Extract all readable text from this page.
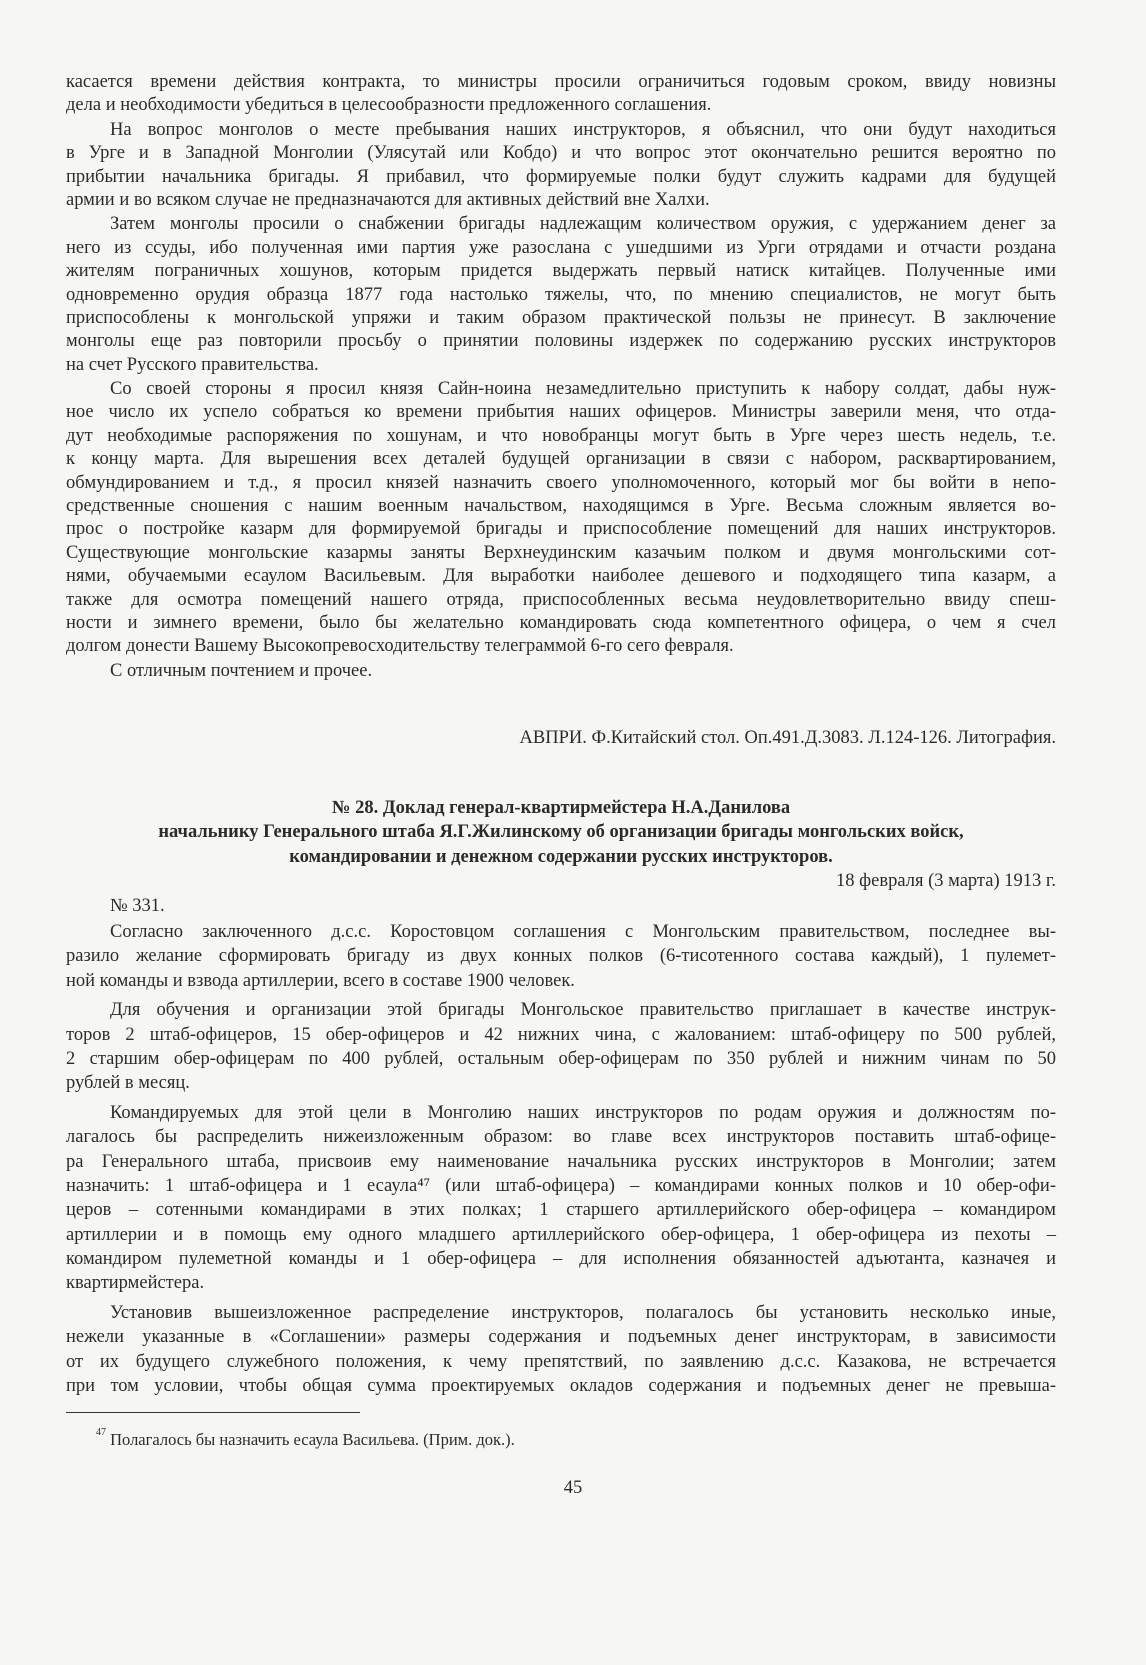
касается времени действия контракта, то министры просили ограничиться годовым сроком, ввиду новизны
дела и необходимости убедиться в целесообразности предложенного соглашения.
На вопрос монголов о месте пребывания наших инструкторов, я объяснил, что они будут находиться
в Урге и в Западной Монголии (Улясутай или Кобдо) и что вопрос этот окончательно решится вероятно по
прибытии начальника бригады. Я прибавил, что формируемые полки будут служить кадрами для будущей
армии и во всяком случае не предназначаются для активных действий вне Халхи.
Затем монголы просили о снабжении бригады надлежащим количеством оружия, с удержанием денег за
него из ссуды, ибо полученная ими партия уже разослана с ушедшими из Урги отрядами и отчасти роздана
жителям пограничных хошунов, которым придется выдержать первый натиск китайцев. Полученные ими
одновременно орудия образца 1877 года настолько тяжелы, что, по мнению специалистов, не могут быть
приспособлены к монгольской упряжи и таким образом практической пользы не принесут. В заключение
монголы еще раз повторили просьбу о принятии половины издержек по содержанию русских инструкторов
на счет Русского правительства.
Со своей стороны я просил князя Сайн-ноина незамедлительно приступить к набору солдат, дабы нуж-
ное число их успело собраться ко времени прибытия наших офицеров. Министры заверили меня, что отда-
дут необходимые распоряжения по хошунам, и что новобранцы могут быть в Урге через шесть недель, т.е.
к концу марта. Для вырешения всех деталей будущей организации в связи с набором, расквартированием,
обмундированием и т.д., я просил князей назначить своего уполномоченного, который мог бы войти в непо-
средственные сношения с нашим военным начальством, находящимся в Урге. Весьма сложным является во-
прос о постройке казарм для формируемой бригады и приспособление помещений для наших инструкторов.
Существующие монгольские казармы заняты Верхнеудинским казачьим полком и двумя монгольскими сот-
нями, обучаемыми есаулом Васильевым. Для выработки наиболее дешевого и подходящего типа казарм, а
также для осмотра помещений нашего отряда, приспособленных весьма неудовлетворительно ввиду спеш-
ности и зимнего времени, было бы желательно командировать сюда компетентного офицера, о чем я счел
долгом донести Вашему Высокопревосходительству телеграммой 6-го сего февраля.
С отличным почтением и прочее.
АВПРИ. Ф.Китайский стол. Оп.491.Д.3083. Л.124-126. Литография.
№ 28. Доклад генерал-квартирмейстера Н.А.Данилова
начальнику Генерального штаба Я.Г.Жилинскому об организации бригады монгольских войск,
командировании и денежном содержании русских инструкторов.
18 февраля (3 марта) 1913 г.
№ 331.
Согласно заключенного д.с.с. Коростовцом соглашения с Монгольским правительством, последнее вы-
разило желание сформировать бригаду из двух конных полков (6-тисотенного состава каждый), 1 пулемет-
ной команды и взвода артиллерии, всего в составе 1900 человек.
Для обучения и организации этой бригады Монгольское правительство приглашает в качестве инструк-
торов 2 штаб-офицеров, 15 обер-офицеров и 42 нижних чина, с жалованием: штаб-офицеру по 500 рублей,
2 старшим обер-офицерам по 400 рублей, остальным обер-офицерам по 350 рублей и нижним чинам по 50
рублей в месяц.
Командируемых для этой цели в Монголию наших инструкторов по родам оружия и должностям по-
лагалось бы распределить нижеизложенным образом: во главе всех инструкторов поставить штаб-офице-
ра Генерального штаба, присвоив ему наименование начальника русских инструкторов в Монголии; затем
назначить: 1 штаб-офицера и 1 есаула⁴⁷ (или штаб-офицера) – командирами конных полков и 10 обер-офи-
церов – сотенными командирами в этих полках; 1 старшего артиллерийского обер-офицера – командиром
артиллерии и в помощь ему одного младшего артиллерийского обер-офицера, 1 обер-офицера из пехоты –
командиром пулеметной команды и 1 обер-офицера – для исполнения обязанностей адъютанта, казначея и
квартирмейстера.
Установив вышеизложенное распределение инструкторов, полагалось бы установить несколько иные,
нежели указанные в «Соглашении» размеры содержания и подъемных денег инструкторам, в зависимости
от их будущего служебного положения, к чему препятствий, по заявлению д.с.с. Казакова, не встречается
при том условии, чтобы общая сумма проектируемых окладов содержания и подъемных денег не превыша-
$^{47}$ Полагалось бы назначить есаула Васильева. (Прим. док.).
45
